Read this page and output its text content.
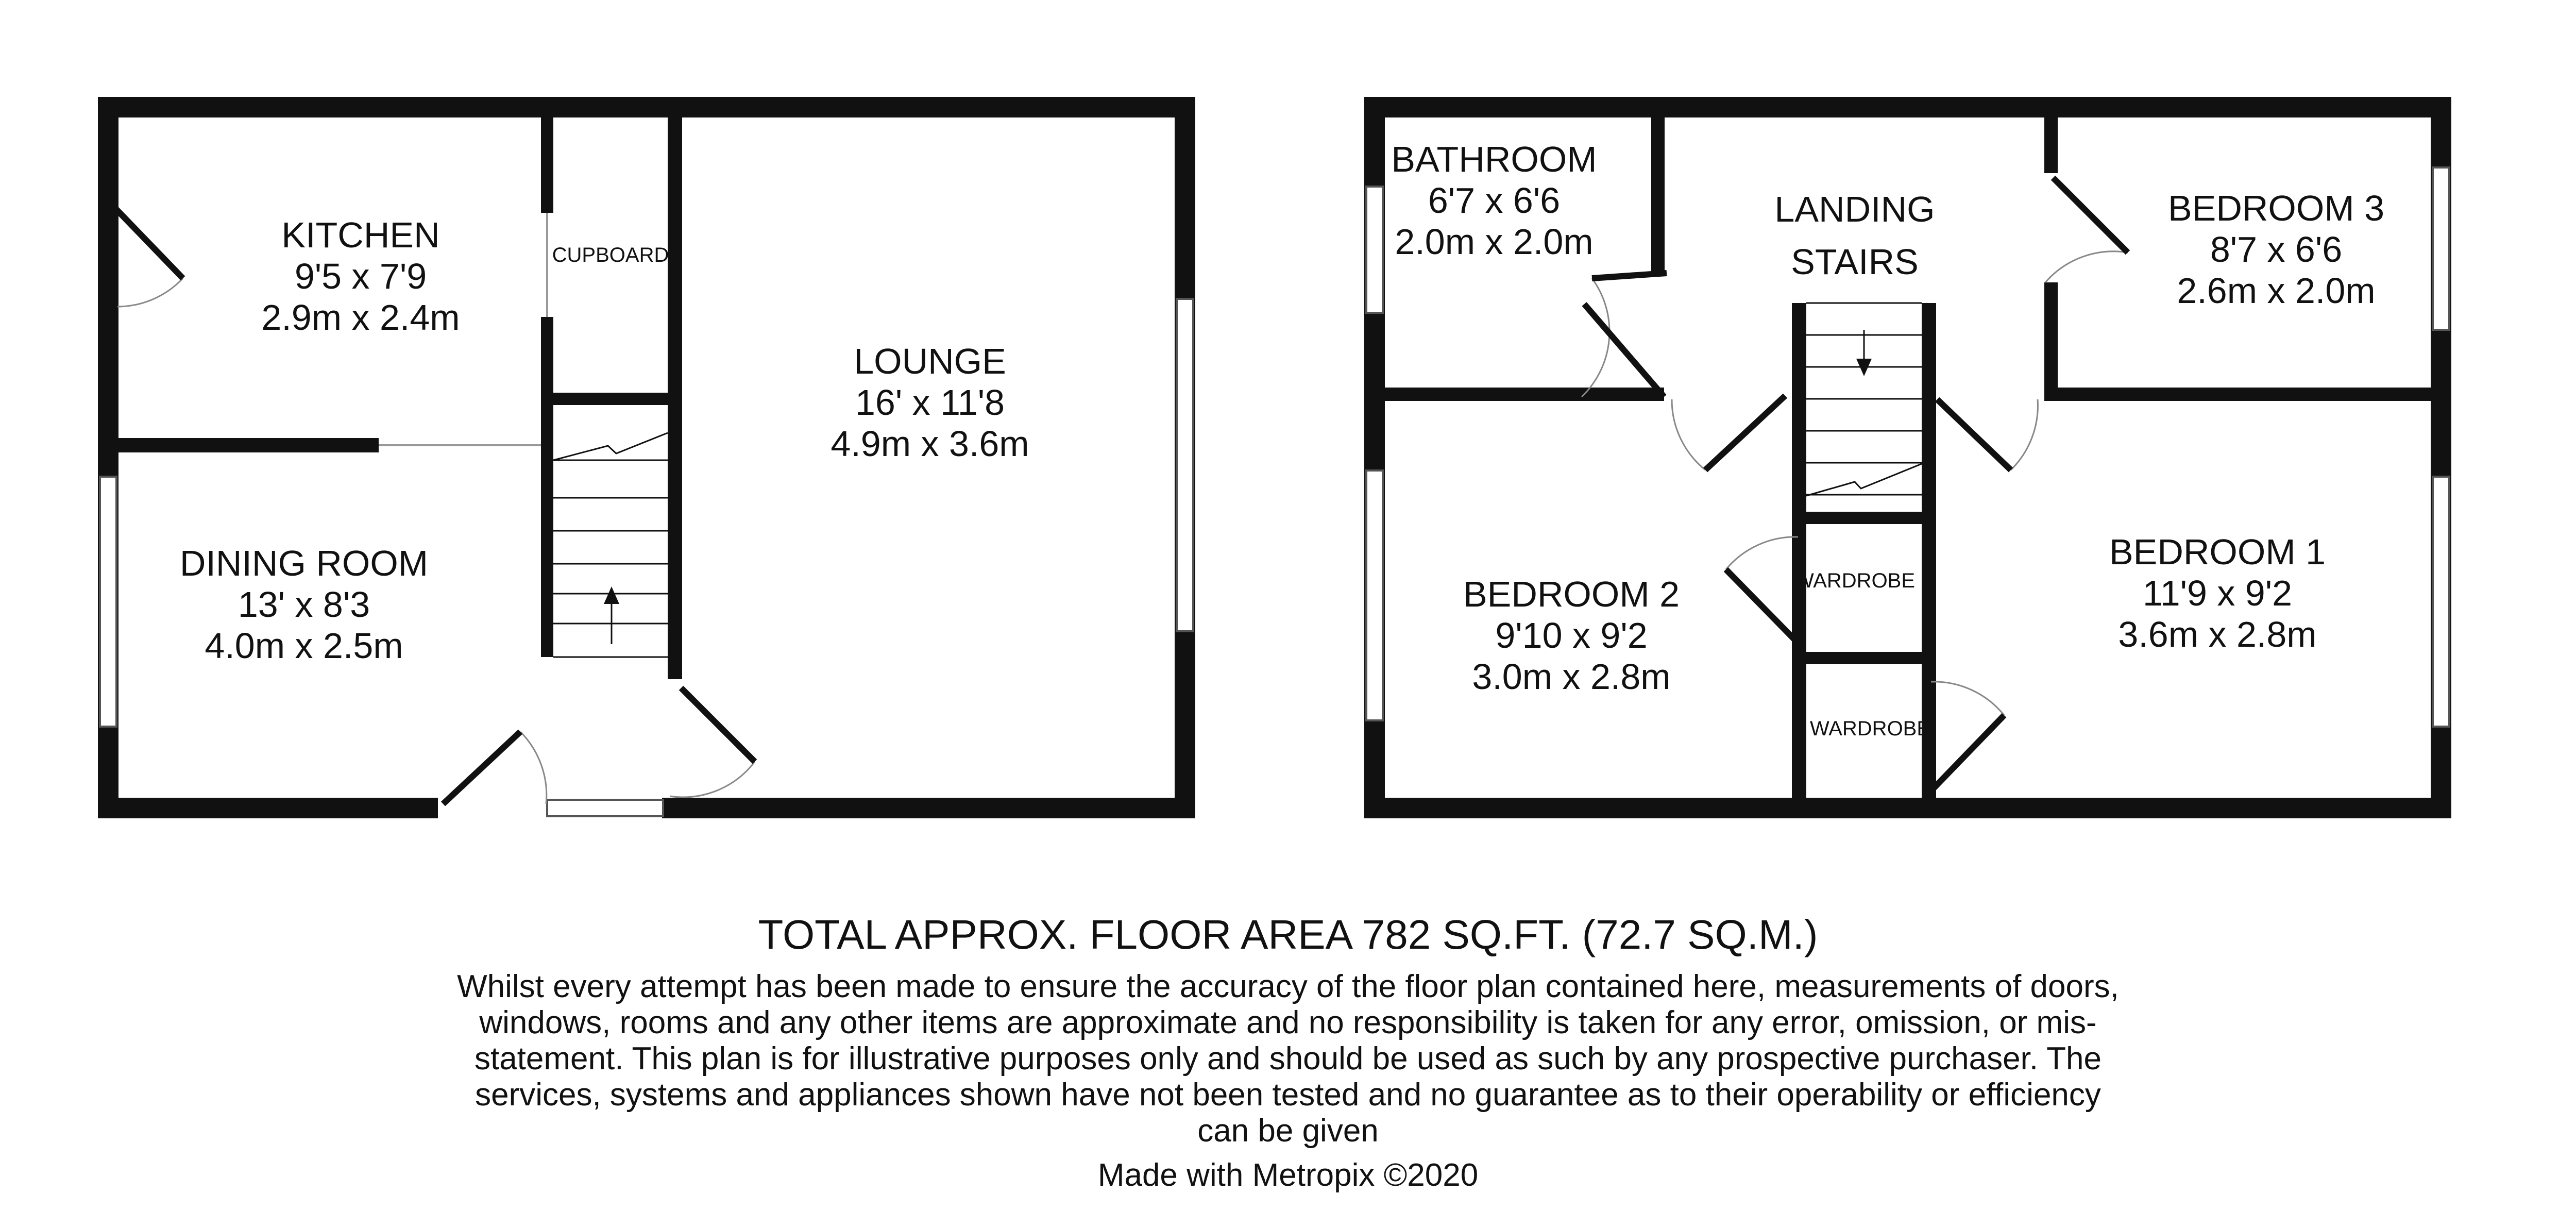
KITCHEN
9'5 x 7'9
2.9m x 2.4m
CUPBOARD
LOUNGE
16' x 11'8
4.9m x 3.6m
DINING ROOM
13' x 8'3
4.0m x 2.5m
BATHROOM
6'7 x 6'6
2.0m x 2.0m
LANDING
STAIRS
BEDROOM 3
8'7 x 6'6
2.6m x 2.0m
BEDROOM 2
9'10 x 9'2
3.0m x 2.8m
BEDROOM 1
11'9 x 9'2
3.6m x 2.8m
WARDROBE
WARDROBE
TOTAL APPROX. FLOOR AREA 782 SQ.FT. (72.7 SQ.M.)
Whilst every attempt has been made to ensure the accuracy of the floor plan contained here, measurements of doors, windows, rooms and any other items are approximate and no responsibility is taken for any error, omission, or mis-statement. This plan is for illustrative purposes only and should be used as such by any prospective purchaser. The services, systems and appliances shown have not been tested and no guarantee as to their operability or efficiency can be given
Made with Metropix ©2020
